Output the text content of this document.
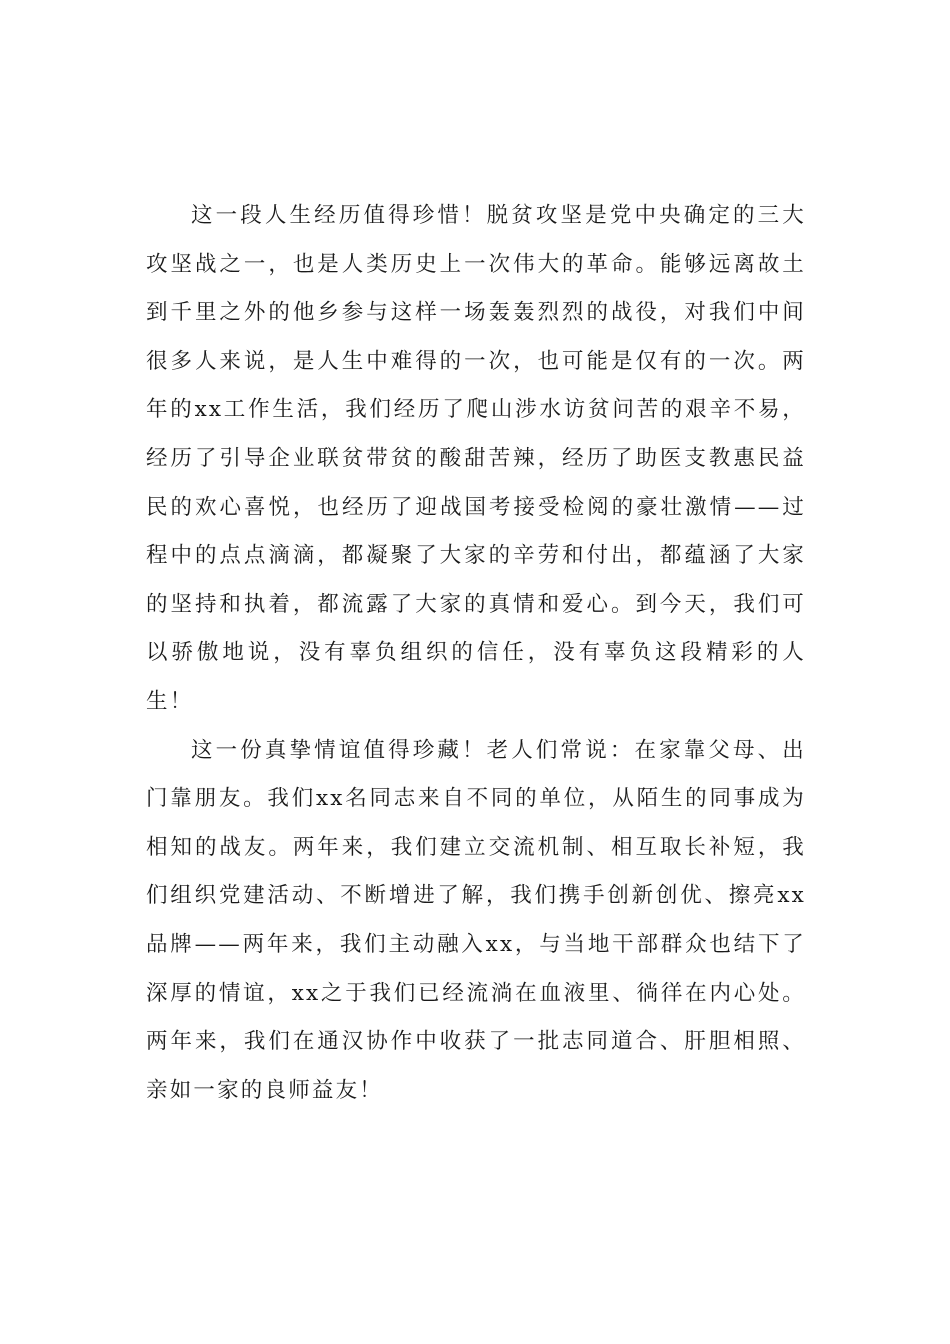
这一段人生经历值得珍惜！脱贫攻坚是党中央确定的三大攻坚战之一，也是人类历史上一次伟大的革命。能够远离故土到千里之外的他乡参与这样一场轰轰烈烈的战役，对我们中间很多人来说，是人生中难得的一次，也可能是仅有的一次。两年的xx工作生活，我们经历了爬山涉水访贫问苦的艰辛不易，经历了引导企业联贫带贫的酸甜苦辣，经历了助医支教惠民益民的欢心喜悦，也经历了迎战国考接受检阅的豪壮激情——过程中的点点滴滴，都凝聚了大家的辛劳和付出，都蕴涵了大家的坚持和执着，都流露了大家的真情和爱心。到今天，我们可以骄傲地说，没有辜负组织的信任，没有辜负这段精彩的人生！

这一份真挚情谊值得珍藏！老人们常说：在家靠父母、出门靠朋友。我们xx名同志来自不同的单位，从陌生的同事成为相知的战友。两年来，我们建立交流机制、相互取长补短，我们组织党建活动、不断增进了解，我们携手创新创优、擦亮xx品牌——两年来，我们主动融入xx，与当地干部群众也结下了深厚的情谊，xx之于我们已经流淌在血液里、徜徉在内心处。两年来，我们在通汉协作中收获了一批志同道合、肝胆相照、亲如一家的良师益友！
